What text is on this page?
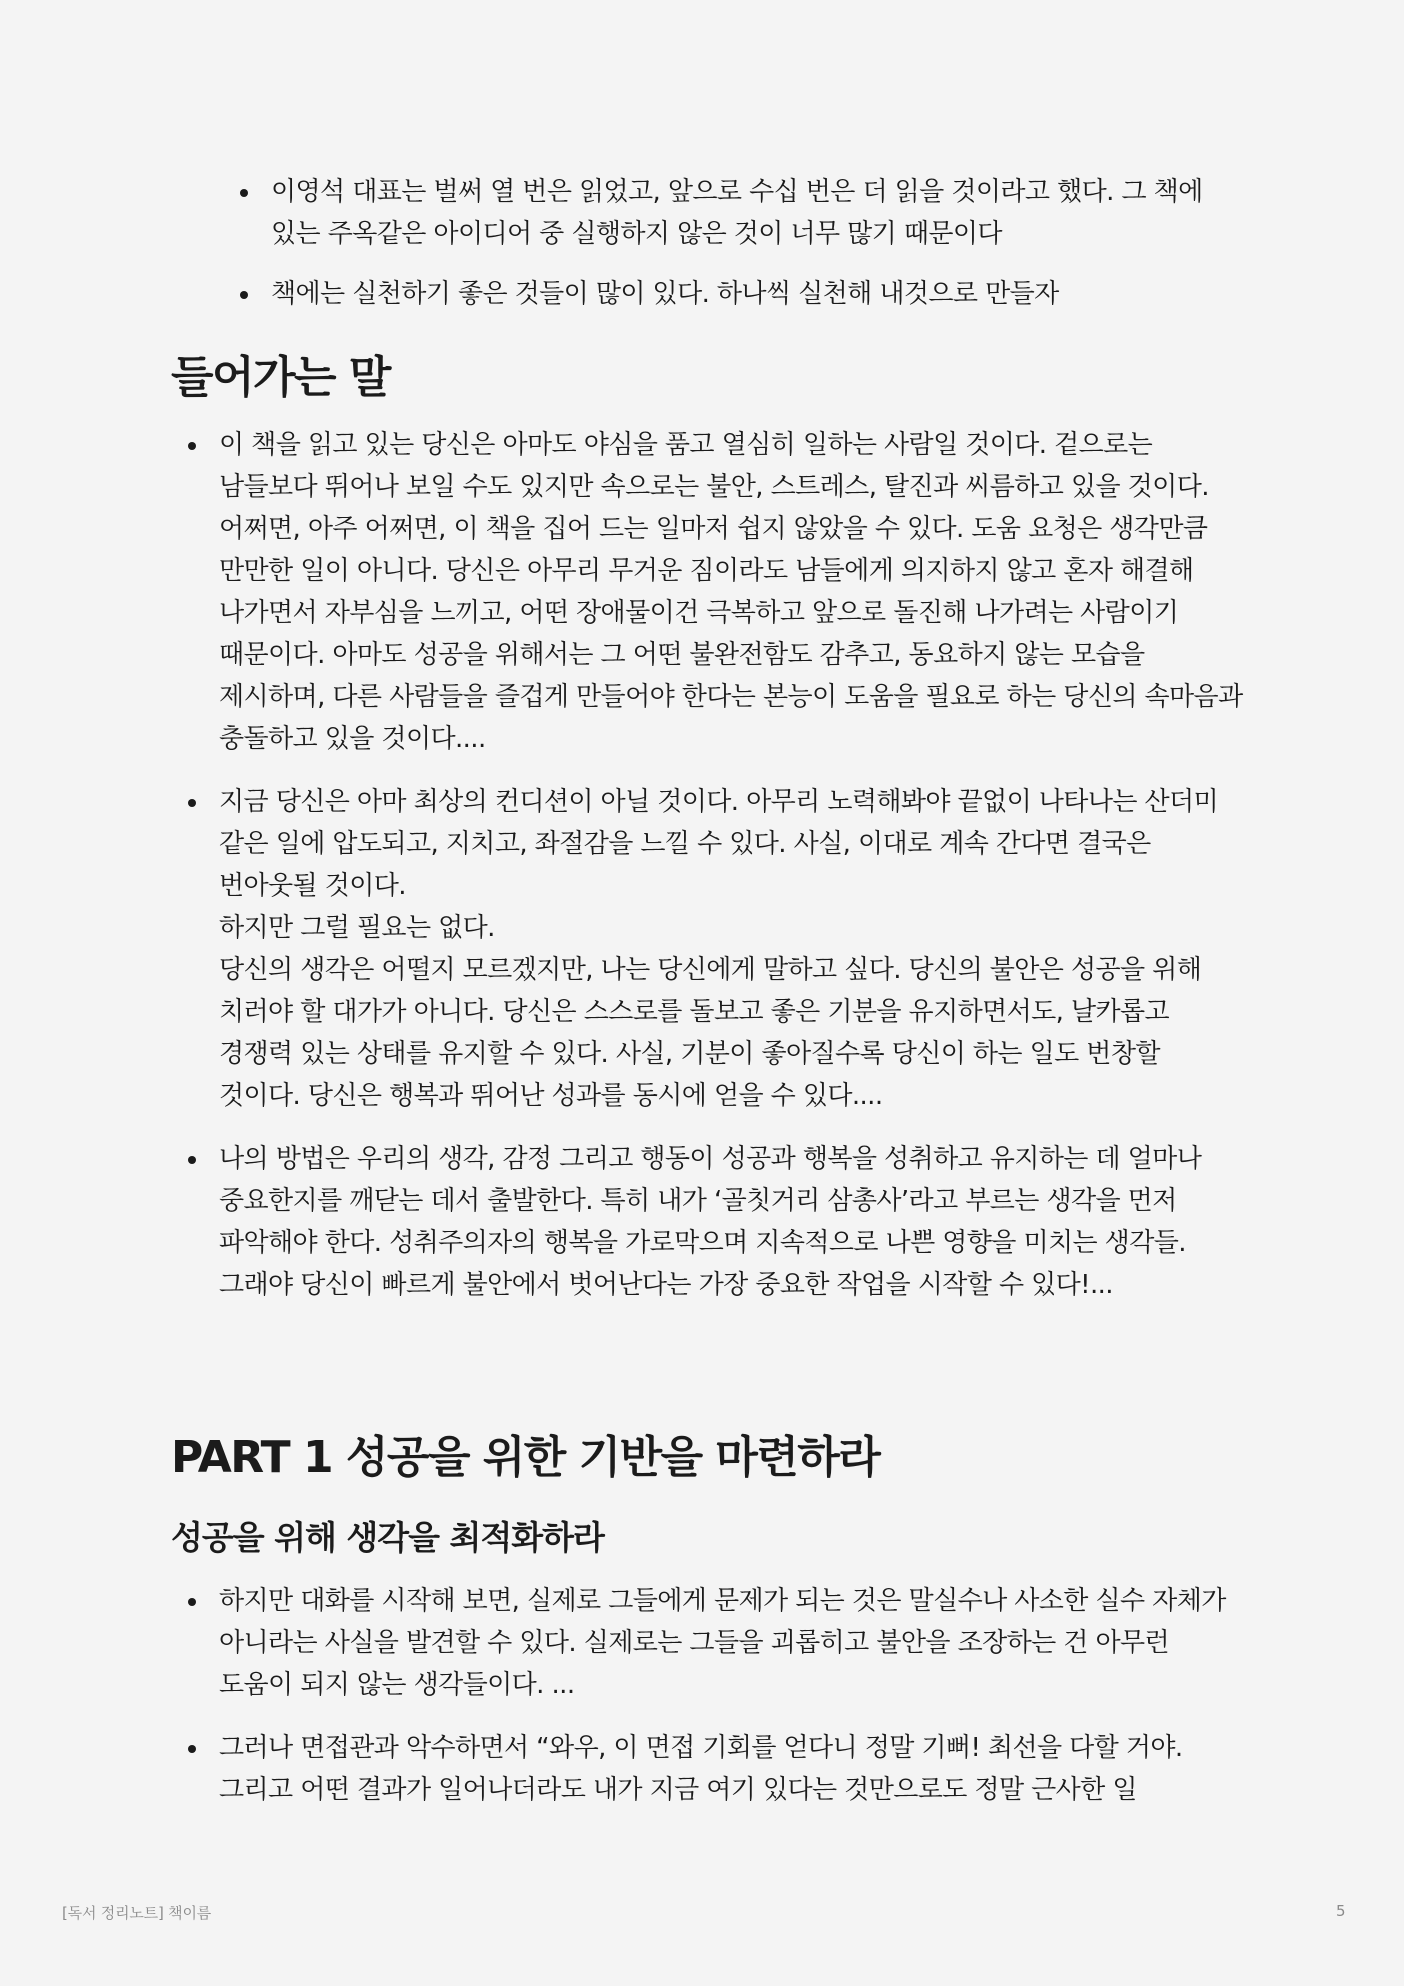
이영석 대표는 벌써 열 번은 읽었고, 앞으로 수십 번은 더 읽을 것이라고 했다. 그 책에 있는 주옥같은 아이디어 중 실행하지 않은 것이 너무 많기 때문이다

책에는 실천하기 좋은 것들이 많이 있다. 하나씩 실천해 내것으로 만들자

들어가는 말

이 책을 읽고 있는 당신은 아마도 야심을 품고 열심히 일하는 사람일 것이다. 겉으로는 남들보다 뛰어나 보일 수도 있지만 속으로는 불안, 스트레스, 탈진과 씨름하고 있을 것이다.

어쩌면, 아주 어쩌면, 이 책을 집어 드는 일마저 쉽지 않았을 수 있다. 도움 요청은 생각만큼 만만한 일이 아니다. 당신은 아무리 무거운 짐이라도 남들에게 의지하지 않고 혼자 해결해 나가면서 자부심을 느끼고, 어떤 장애물이건 극복하고 앞으로 돌진해 나가려는 사람이기 때문이다. 아마도 성공을 위해서는 그 어떤 불완전함도 감추고, 동요하지 않는 모습을 제시하며, 다른 사람들을 즐겁게 만들어야 한다는 본능이 도움을 필요로 하는 당신의 속마음과 충돌하고 있을 것이다....

지금 당신은 아마 최상의 컨디션이 아닐 것이다. 아무리 노력해봐야 끝없이 나타나는 산더미 같은 일에 압도되고, 지치고, 좌절감을 느낄 수 있다. 사실, 이대로 계속 간다면 결국은 번아웃될 것이다.

하지만 그럴 필요는 없다.

당신의 생각은 어떨지 모르겠지만, 나는 당신에게 말하고 싶다. 당신의 불안은 성공을 위해 치러야 할 대가가 아니다. 당신은 스스로를 돌보고 좋은 기분을 유지하면서도, 날카롭고 경쟁력 있는 상태를 유지할 수 있다. 사실, 기분이 좋아질수록 당신이 하는 일도 번창할 것이다. 당신은 행복과 뛰어난 성과를 동시에 얻을 수 있다....

나의 방법은 우리의 생각, 감정 그리고 행동이 성공과 행복을 성취하고 유지하는 데 얼마나 중요한지를 깨닫는 데서 출발한다. 특히 내가 ‘골칫거리 삼총사’라고 부르는 생각을 먼저 파악해야 한다. 성취주의자의 행복을 가로막으며 지속적으로 나쁜 영향을 미치는 생각들. 그래야 당신이 빠르게 불안에서 벗어난다는 가장 중요한 작업을 시작할 수 있다!...

PART 1 성공을 위한 기반을 마련하라
성공을 위해 생각을 최적화하라

하지만 대화를 시작해 보면, 실제로 그들에게 문제가 되는 것은 말실수나 사소한 실수 자체가 아니라는 사실을 발견할 수 있다. 실제로는 그들을 괴롭히고 불안을 조장하는 건 아무런 도움이 되지 않는 생각들이다. ...

그러나 면접관과 악수하면서 “와우, 이 면접 기회를 얻다니 정말 기뻐! 최선을 다할 거야. 그리고 어떤 결과가 일어나더라도 내가 지금 여기 있다는 것만으로도 정말 근사한 일

[독서 정리노트] 책이름	5
